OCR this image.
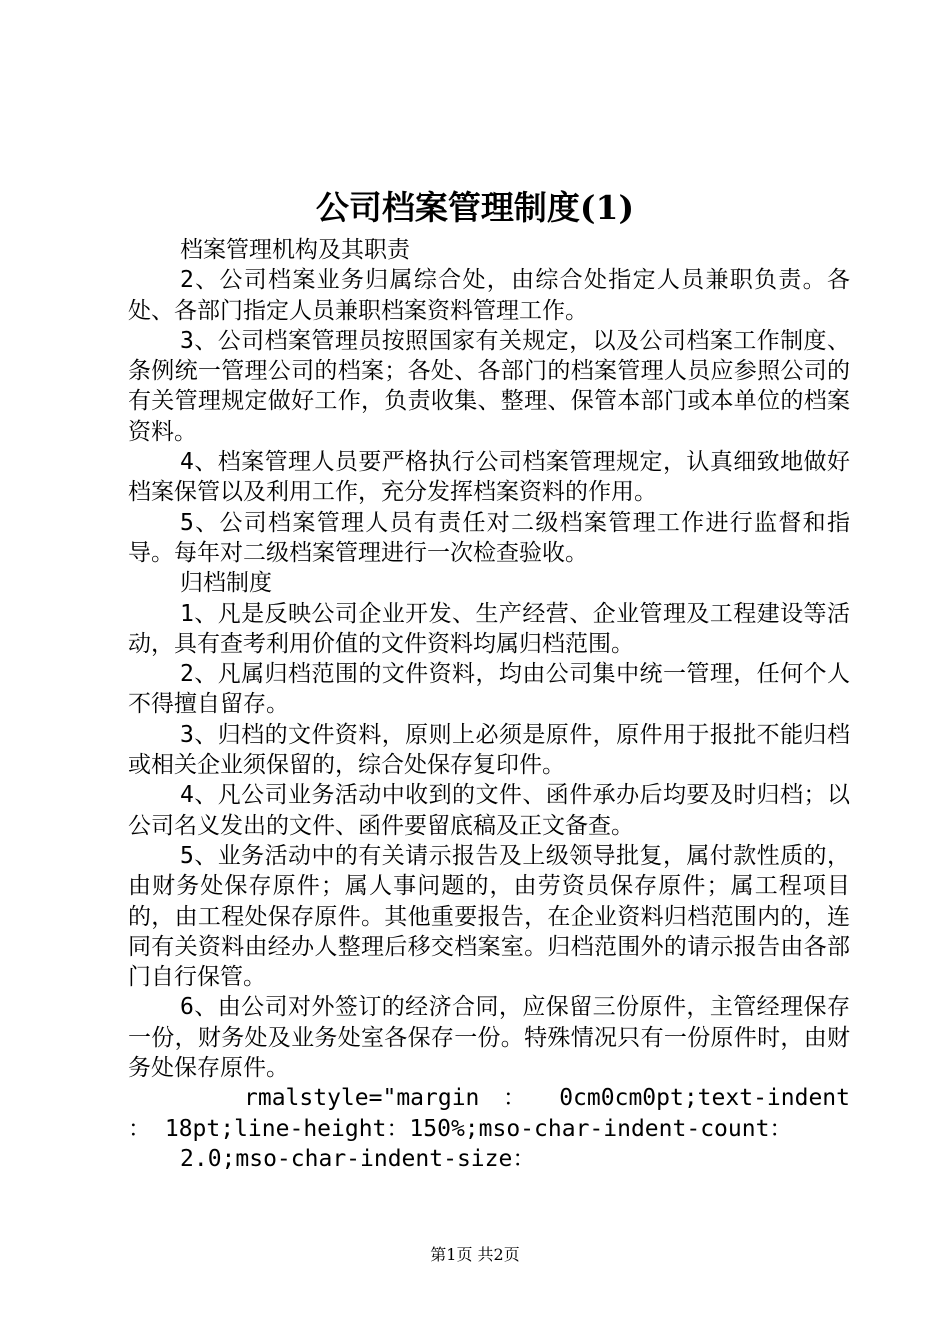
公司档案管理制度(1)

档案管理机构及其职责

2、公司档案业务归属综合处，由综合处指定人员兼职负责。各处、各部门指定人员兼职档案资料管理工作。

3、公司档案管理员按照国家有关规定，以及公司档案工作制度、条例统一管理公司的档案；各处、各部门的档案管理人员应参照公司的有关管理规定做好工作，负责收集、整理、保管本部门或本单位的档案资料。

4、档案管理人员要严格执行公司档案管理规定，认真细致地做好档案保管以及利用工作，充分发挥档案资料的作用。

5、公司档案管理人员有责任对二级档案管理工作进行监督和指导。每年对二级档案管理进行一次检查验收。

归档制度

1、凡是反映公司企业开发、生产经营、企业管理及工程建设等活动，具有查考利用价值的文件资料均属归档范围。

2、凡属归档范围的文件资料，均由公司集中统一管理，任何个人不得擅自留存。

3、归档的文件资料，原则上必须是原件，原件用于报批不能归档或相关企业须保留的，综合处保存复印件。

4、凡公司业务活动中收到的文件、函件承办后均要及时归档；以公司名义发出的文件、函件要留底稿及正文备查。

5、业务活动中的有关请示报告及上级领导批复，属付款性质的，由财务处保存原件；属人事问题的，由劳资员保存原件；属工程项目的，由工程处保存原件。其他重要报告，在企业资料归档范围内的，连同有关资料由经办人整理后移交档案室。归档范围外的请示报告由各部门自行保管。

6、由公司对外签订的经济合同，应保留三份原件，主管经理保存一份，财务处及业务处室各保存一份。特殊情况只有一份原件时，由财务处保存原件。

rmalstyle="margin ： 0cm0cm0pt;text-indent ： 18pt;line-height：150%;mso-char-indent-count：

2.0;mso-char-indent-size：

第1页 共2页
